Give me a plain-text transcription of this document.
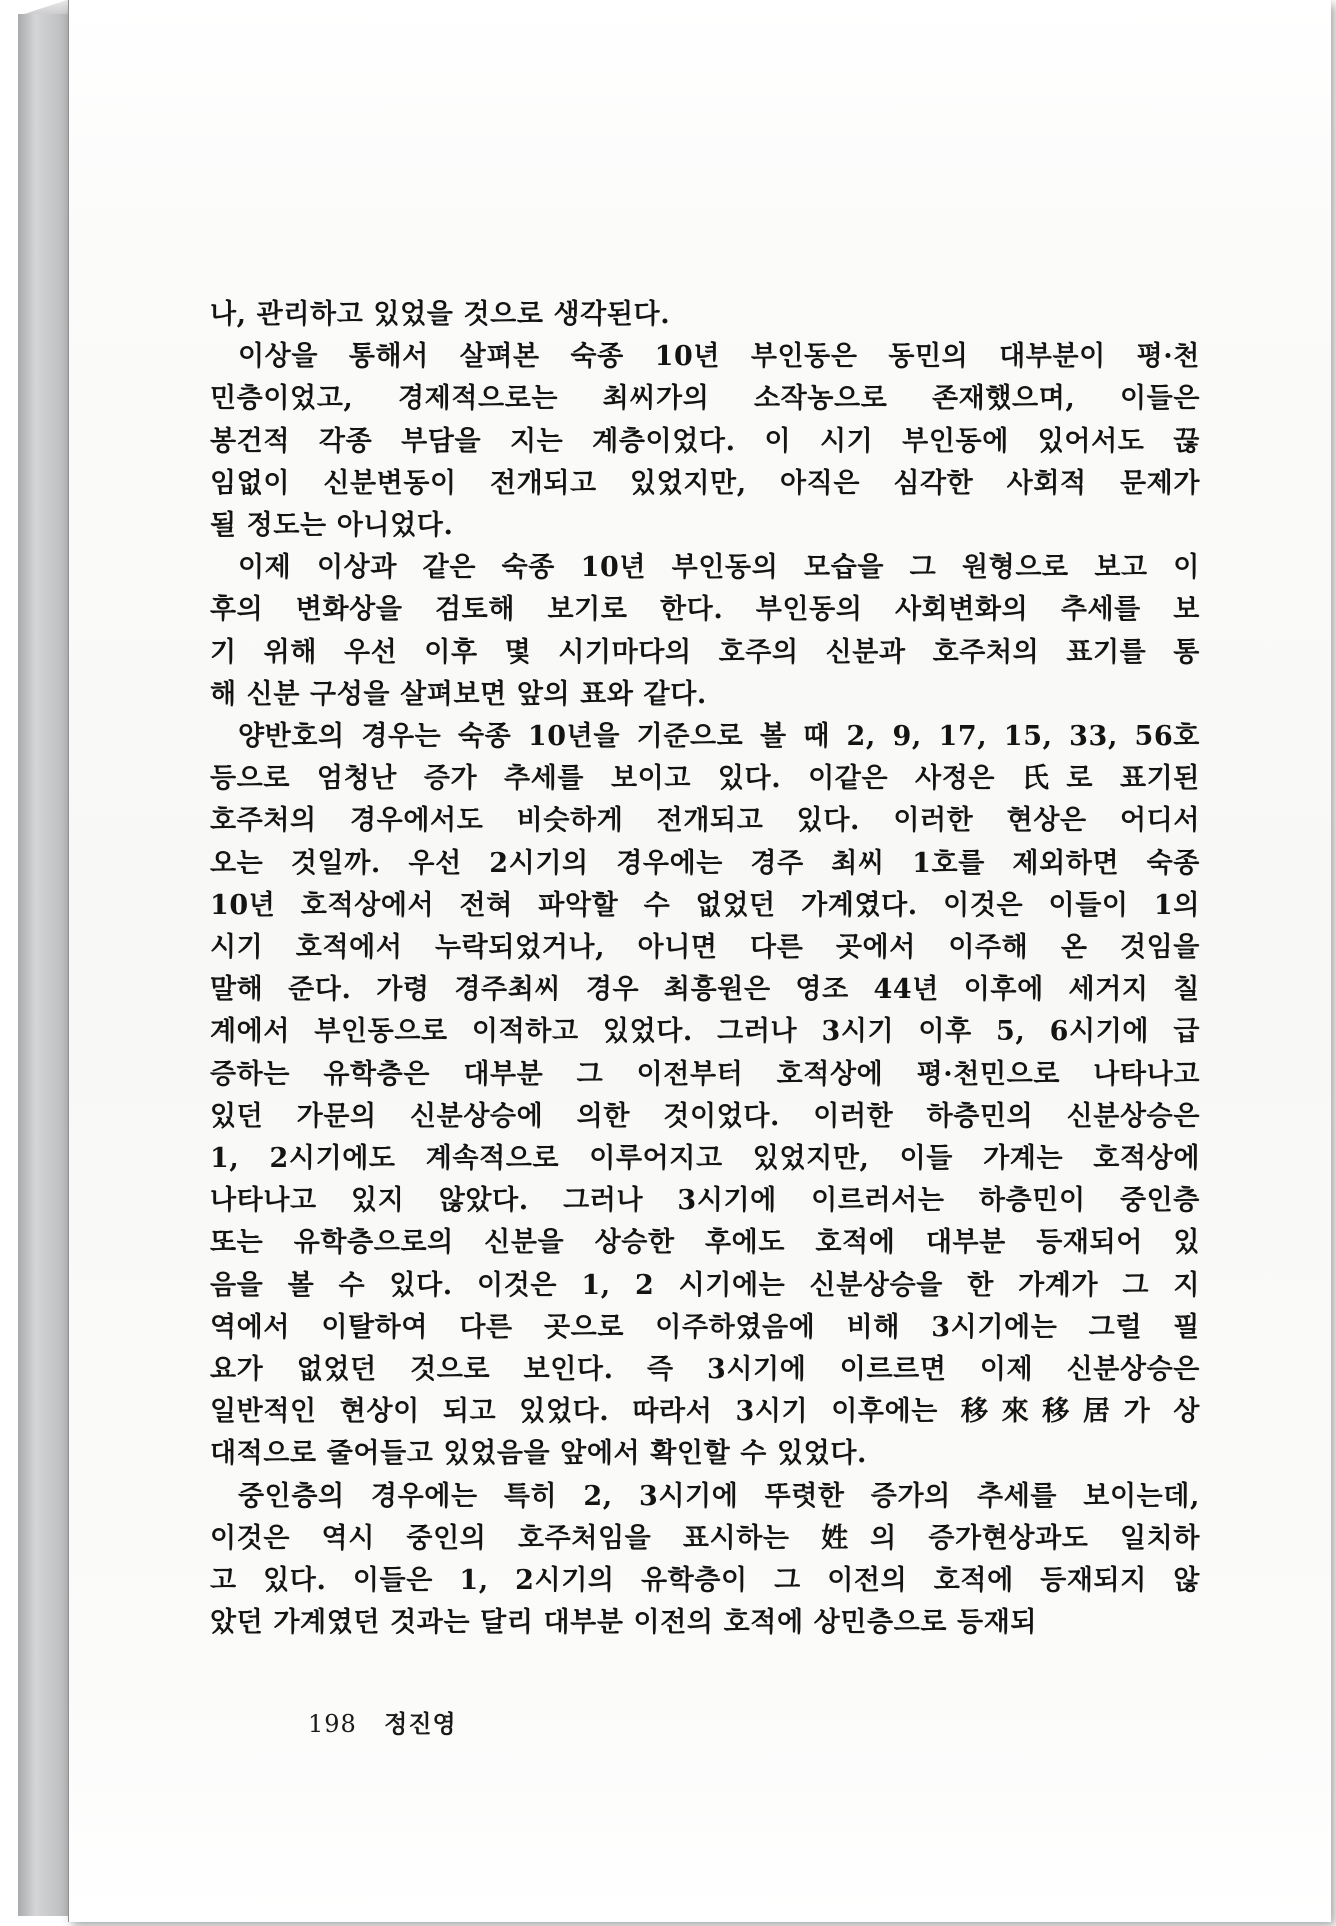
나, 관리하고 있었을 것으로 생각된다.
이상을 통해서 살펴본 숙종 10년 부인동은 동민의 대부분이 평·천
민층이었고, 경제적으로는 최씨가의 소작농으로 존재했으며, 이들은
봉건적 각종 부담을 지는 계층이었다. 이 시기 부인동에 있어서도 끊
임없이 신분변동이 전개되고 있었지만, 아직은 심각한 사회적 문제가
될 정도는 아니었다.
이제 이상과 같은 숙종 10년 부인동의 모습을 그 원형으로 보고 이
후의 변화상을 검토해 보기로 한다. 부인동의 사회변화의 추세를 보
기 위해 우선 이후 몇 시기마다의 호주의 신분과 호주처의 표기를 통
해 신분 구성을 살펴보면 앞의 표와 같다.
양반호의 경우는 숙종 10년을 기준으로 볼 때 2, 9, 17, 15, 33, 56호
등으로 엄청난 증가 추세를 보이고 있다. 이같은 사정은 氏로 표기된
호주처의 경우에서도 비슷하게 전개되고 있다. 이러한 현상은 어디서
오는 것일까. 우선 2시기의 경우에는 경주 최씨 1호를 제외하면 숙종
10년 호적상에서 전혀 파악할 수 없었던 가계였다. 이것은 이들이 1의
시기 호적에서 누락되었거나, 아니면 다른 곳에서 이주해 온 것임을
말해 준다. 가령 경주최씨 경우 최흥원은 영조 44년 이후에 세거지 칠
계에서 부인동으로 이적하고 있었다. 그러나 3시기 이후 5, 6시기에 급
증하는 유학층은 대부분 그 이전부터 호적상에 평·천민으로 나타나고
있던 가문의 신분상승에 의한 것이었다. 이러한 하층민의 신분상승은
1, 2시기에도 계속적으로 이루어지고 있었지만, 이들 가계는 호적상에
나타나고 있지 않았다. 그러나 3시기에 이르러서는 하층민이 중인층
또는 유학층으로의 신분을 상승한 후에도 호적에 대부분 등재되어 있
음을 볼 수 있다. 이것은 1, 2 시기에는 신분상승을 한 가계가 그 지
역에서 이탈하여 다른 곳으로 이주하였음에 비해 3시기에는 그럴 필
요가 없었던 것으로 보인다. 즉 3시기에 이르르면 이제 신분상승은
일반적인 현상이 되고 있었다. 따라서 3시기 이후에는 移來移居가 상
대적으로 줄어들고 있었음을 앞에서 확인할 수 있었다.
중인층의 경우에는 특히 2, 3시기에 뚜렷한 증가의 추세를 보이는데,
이것은 역시 중인의 호주처임을 표시하는 姓의 증가현상과도 일치하
고 있다. 이들은 1, 2시기의 유학층이 그 이전의 호적에 등재되지 않
았던 가계였던 것과는 달리 대부분 이전의 호적에 상민층으로 등재되
198 정진영
